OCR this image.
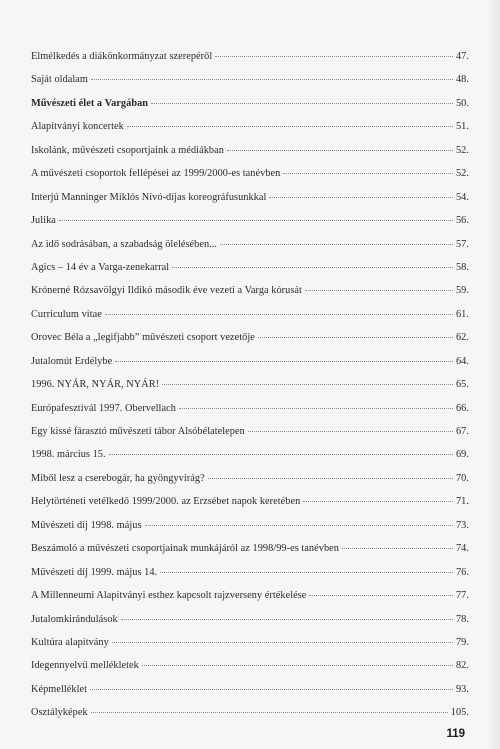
Elmélkedés a diákönkormányzat szerepéről	47.
Saját oldalam	48.
Művészeti élet a Vargában	50.
Alapítványi koncertek	51.
Iskolánk, művészeti csoportjaink a médiákban	52.
A művészeti csoportok fellépései az 1999/2000-es tanévben	52.
Interjú Manninger Miklós Nívó-díjas koreográfusunkkal	54.
Julika	56.
Az idő sodrásában, a szabadság ölelésében...	57.
Agics – 14 év a Varga-zenekarral	58.
Krónerné Rózsavölgyi Ildikó második éve vezeti a Varga kórusát	59.
Curriculum vitae	61.
Orovec Béla a „legifjabb” művészeti csoport vezetője	62.
Jutalomút Erdélybe	64.
1996. NYÁR, NYÁR, NYÁR!	65.
Európafesztivál 1997. Obervellach	66.
Egy kissé fárasztó művészeti tábor Alsóbélatelepen	67.
1998. március 15.	69.
Miből lesz a cserebogár, ha gyöngyvirág?	70.
Helytörténeti vetélkedő 1999/2000. az Erzsébet napok keretében	71.
Művészeti díj 1998. május	73.
Beszámoló a művészeti csoportjainak munkájáról az 1998/99-es tanévben	74.
Művészeti díj 1999. május 14.	76.
A Millenneumi Alapítványi esthez kapcsolt rajzverseny értékelése	77.
Jutalomkirándulások	78.
Kultúra alapítvány	79.
Idegennyelvű mellékletek	82.
Képmelléklet	93.
Osztályképek	105.
119
